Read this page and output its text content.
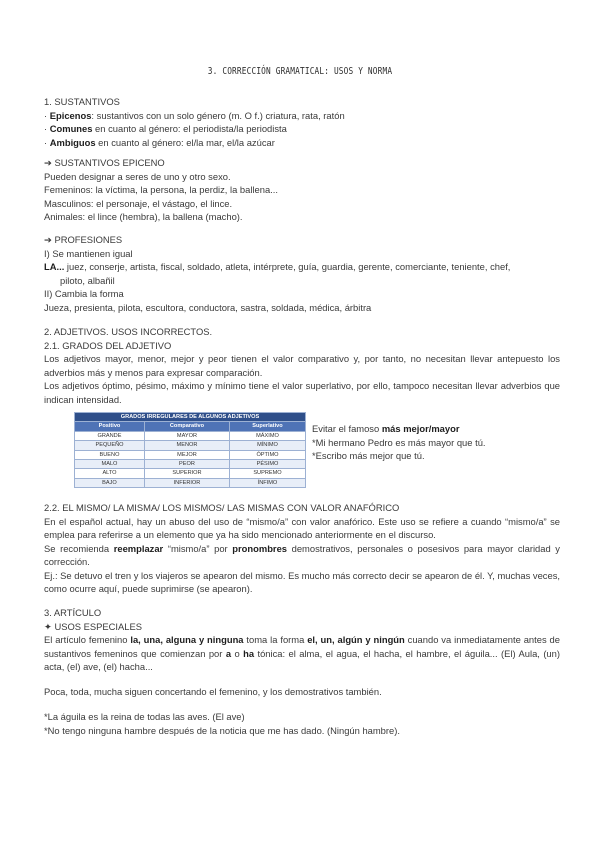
3. CORRECCIÓN GRAMATICAL: USOS Y NORMA
1. SUSTANTIVOS
· Epicenos: sustantivos con un solo género (m. O f.) criatura, rata, ratón
· Comunes en cuanto al género: el periodista/la periodista
· Ambiguos en cuanto al género: el/la mar, el/la azúcar
➔ SUSTANTIVOS EPICENO
Pueden designar a seres de uno y otro sexo.
Femeninos: la víctima, la persona, la perdiz, la ballena...
Masculinos: el personaje, el vástago, el lince.
Animales: el lince (hembra), la ballena (macho).
➔ PROFESIONES
I) Se mantienen igual
LA... juez, conserje, artista, fiscal, soldado, atleta, intérprete, guía, guardia, gerente, comerciante, teniente, chef,
piloto, albañil
II) Cambia la forma
Jueza, presienta, pilota, escultora, conductora, sastra, soldada, médica, árbitra
2. ADJETIVOS. USOS INCORRECTOS.
2.1. GRADOS DEL ADJETIVO
Los adjetivos mayor, menor, mejor y peor tienen el valor comparativo y, por tanto, no necesitan llevar antepuesto los adverbios más y menos para expresar comparación.
Los adjetivos óptimo, pésimo, máximo y mínimo tiene el valor superlativo, por ello, tampoco necesitan llevar adverbios que indican intensidad.
GRADOS IRREGULARES DE ALGUNOS ADJETIVOS		
Positivo	Comparativo	Superlativo
GRANDE	MAYOR	MÁXIMO
PEQUEÑO	MENOR	MÍNIMO
BUENO	MEJOR	ÓPTIMO
MALO	PEOR	PÉSIMO
ALTO	SUPERIOR	SUPREMO
BAJO	INFERIOR	ÍNFIMO
Evitar el famoso más mejor/mayor
*Mi hermano Pedro es más mayor que tú.
*Escribo más mejor que tú.
2.2. EL MISMO/ LA MISMA/ LOS MISMOS/ LAS MISMAS CON VALOR ANAFÓRICO
En el español actual, hay un abuso del uso de “mismo/a” con valor anafórico. Este uso se refiere a cuando “mismo/a” se emplea para referirse a un elemento que ya ha sido mencionado anteriormente en el discurso.
Se recomienda reemplazar “mismo/a” por pronombres demostrativos, personales o posesivos para mayor claridad y corrección.
Ej.: Se detuvo el tren y los viajeros se apearon del mismo. Es mucho más correcto decir se apearon de él. Y, muchas veces, como ocurre aquí, puede suprimirse (se apearon).
3. ARTÍCULO
✦ USOS ESPECIALES
El artículo femenino la, una, alguna y ninguna toma la forma el, un, algún y ningún cuando va inmediatamente antes de sustantivos femeninos que comienzan por a o ha tónica: el alma, el agua, el hacha, el hambre, el águila... (El) Aula, (un) acta, (el) ave, (el) hacha...
Poca, toda, mucha siguen concertando el femenino, y los demostrativos también.
*La águila es la reina de todas las aves. (El ave)
*No tengo ninguna hambre después de la noticia que me has dado. (Ningún hambre).
